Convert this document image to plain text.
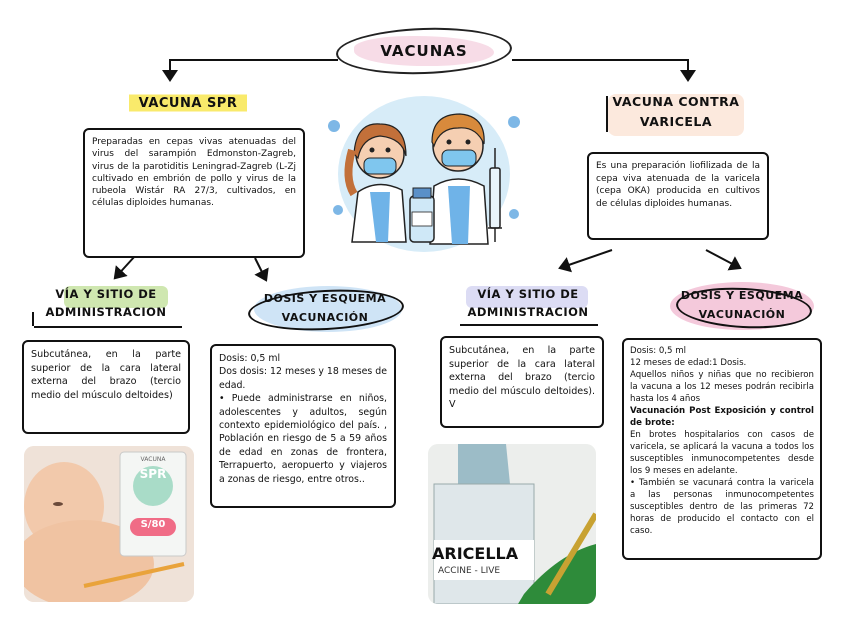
VACUNAS
VACUNA SPR

Preparadas en cepas vivas atenuadas del virus del sarampión Edmonston-Zagreb, virus de la parotiditis Leningrad-Zagreb (L-Zj cultivado en embrión de pollo y virus de la rubeola Wistár RA 27/3, cultivados, en células diploides humanas.

VACUNA CONTRA
VARICELA

Es una preparación liofilizada de la cepa viva atenuada de la varicela (cepa OKA) producida en cultivos de células diploides humanas.

VÍA Y SITIO DE
ADMINISTRACION

Subcutánea, en la parte superior de la cara lateral externa del brazo (tercio medio del músculo deltoides)

DOSIS Y ESQUEMA
VACUNACIÓN

Dosis: 0,5 ml

Dos dosis: 12 meses y 18 meses de edad.

• Puede administrarse en niños, adolescentes y adultos, según contexto epidemiológico del país. , Población en riesgo de 5 a 59 años de edad en zonas de frontera, Terrapuerto, aeropuerto y viajeros a zonas de riesgo, entre otros..

VÍA Y SITIO DE
ADMINISTRACION

Subcutánea, en la parte superior de la cara lateral externa del brazo (tercio medio del músculo deltoides). V

DOSIS Y ESQUEMA
VACUNACIÓN

Dosis: 0,5 ml

12 meses de edad:1 Dosis.

Aquellos niños y niñas que no recibieron la vacuna a los 12 meses podrán recibirla hasta los 4 años

Vacunación Post Exposición y control de brote:

En brotes hospitalarios con casos de varicela, se aplicará la vacuna a todos los susceptibles inmunocompetentes desde los 9 meses en adelante.

• También se vacunará contra la varicela a las personas inmunocompetentes susceptibles dentro de las primeras 72 horas de producido el contacto con el caso.

VACUNA
SPR
S/80
ARICELLA
ACCINE - LIVE
